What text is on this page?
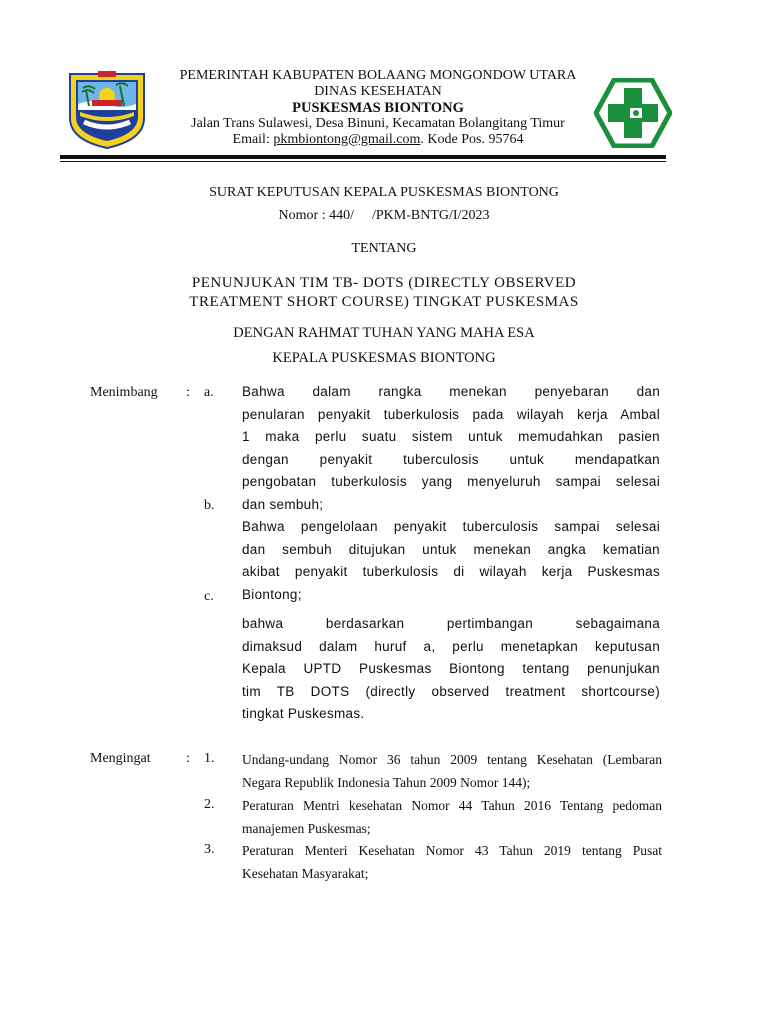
PEMERINTAH KABUPATEN BOLAANG MONGONDOW UTARA
DINAS KESEHATAN
PUSKESMAS BIONTONG
Jalan Trans Sulawesi, Desa Binuni, Kecamatan Bolangitang Timur
Email: pkmbiontong@gmail.com. Kode Pos. 95764
SURAT KEPUTUSAN KEPALA PUSKESMAS BIONTONG
Nomor : 440/ /PKM-BNTG/I/2023
TENTANG
PENUNJUKAN TIM TB- DOTS (DIRECTLY OBSERVED
TREATMENT SHORT COURSE) TINGKAT PUSKESMAS
DENGAN RAHMAT TUHAN YANG MAHA ESA
KEPALA PUSKESMAS BIONTONG
Menimbang : a.
b.
c.
Bahwa dalam rangka menekan penyebaran dan
penularan penyakit tuberkulosis pada wilayah kerja Ambal
1 maka perlu suatu sistem untuk memudahkan pasien
dengan penyakit tuberculosis untuk mendapatkan
pengobatan tuberkulosis yang menyeluruh sampai selesai
dan sembuh;
Bahwa pengelolaan penyakit tuberculosis sampai selesai
dan sembuh ditujukan untuk menekan angka kematian
akibat penyakit tuberkulosis di wilayah kerja Puskesmas
Biontong;
bahwa berdasarkan pertimbangan sebagaimana
dimaksud dalam huruf a, perlu menetapkan keputusan
Kepala UPTD Puskesmas Biontong tentang penunjukan
tim TB DOTS (directly observed treatment shortcourse)
tingkat Puskesmas.
Mengingat	: 1.
2.
3.
Undang-undang Nomor 36 tahun 2009 tentang Kesehatan (Lembaran
Negara Republik Indonesia Tahun 2009 Nomor 144);
Peraturan Mentri kesehatan Nomor 44 Tahun 2016 Tentang pedoman
manajemen Puskesmas;
Peraturan Menteri Kesehatan Nomor 43 Tahun 2019 tentang Pusat
Kesehatan Masyarakat;
